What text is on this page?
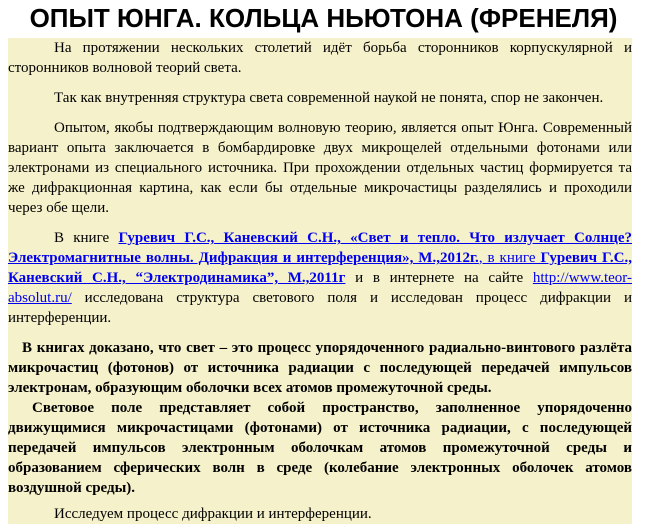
ОПЫТ ЮНГА. КОЛЬЦА НЬЮТОНА (ФРЕНЕЛЯ)

На протяжении нескольких столетий идёт борьба сторонников корпускулярной и сторонников волновой теорий света.

Так как внутренняя структура света современной наукой не понята, спор не закончен.

Опытом, якобы подтверждающим волновую теорию, является опыт Юнга. Современный вариант опыта заключается в бомбардировке двух микрощелей отдельными фотонами или электронами из специального источника. При прохождении отдельных частиц формируется та же дифракционная картина, как если бы отдельные микрочастицы разделялись и проходили через обе щели.

В книге Гуревич Г.С., Каневский С.Н., «Свет и тепло. Что излучает Солнце? Электромагнитные волны. Дифракция и интерференция», М.,2012г., в книге Гуревич Г.С., Каневский С.Н., “Электродинамика”, М.,2011г и в интернете на сайте http://www.teor-absolut.ru/ исследована структура светового поля и исследован процесс дифракции и интерференции.

В книгах доказано, что свет – это процесс упорядоченного радиально-винтового разлёта микрочастиц (фотонов) от источника радиации с последующей передачей импульсов электронам, образующим оболочки всех атомов промежуточной среды.

Световое поле представляет собой пространство, заполненное упорядоченно движущимися микрочастицами (фотонами) от источника радиации, с последующей передачей импульсов электронным оболочкам атомов промежуточной среды и образованием сферических волн в среде (колебание электронных оболочек атомов воздушной среды).

Исследуем процесс дифракции и интерференции.
